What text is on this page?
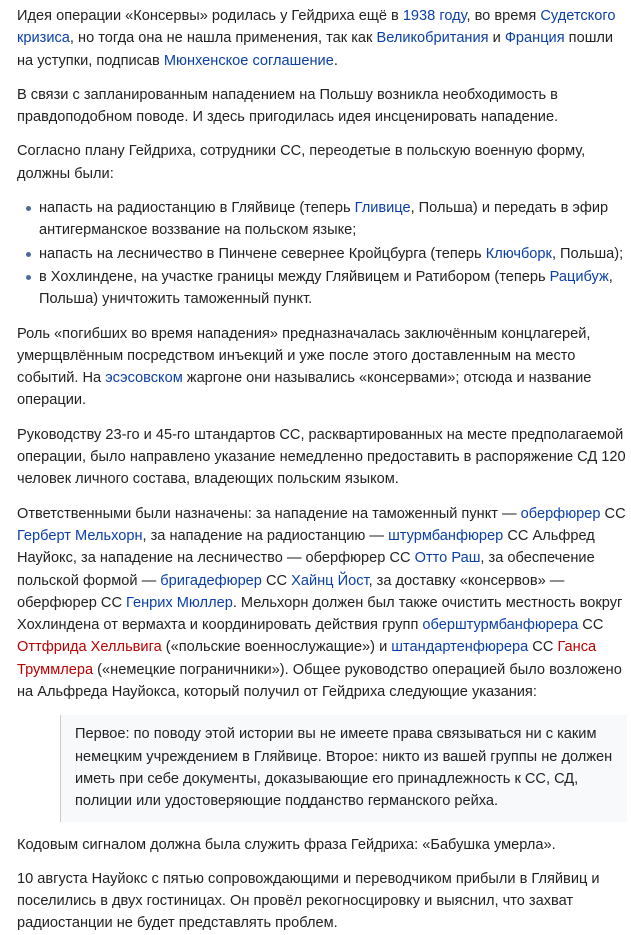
Идея операции «Консервы» родилась у Гейдриха ещё в 1938 году, во время Судетского кризиса, но тогда она не нашла применения, так как Великобритания и Франция пошли на уступки, подписав Мюнхенское соглашение.

В связи с запланированным нападением на Польшу возникла необходимость в правдоподобном поводе. И здесь пригодилась идея инсценировать нападение.

Согласно плану Гейдриха, сотрудники СС, переодетые в польскую военную форму, должны были:

напасть на радиостанцию в Гляйвице (теперь Гливице, Польша) и передать в эфир антигерманское воззвание на польском языке;
напасть на лесничество в Пинчене севернее Кройцбурга (теперь Ключборк, Польша);
в Хохлиндене, на участке границы между Гляйвицем и Ратибором (теперь Рацибуж, Польша) уничтожить таможенный пункт.

Роль «погибших во время нападения» предназначалась заключённым концлагерей, умерщвлённым посредством инъекций и уже после этого доставленным на место событий. На эсэсовском жаргоне они назывались «консервами»; отсюда и название операции.

Руководству 23-го и 45-го штандартов СС, расквартированных на месте предполагаемой операции, было направлено указание немедленно предоставить в распоряжение СД 120 человек личного состава, владеющих польским языком.

Ответственными были назначены: за нападение на таможенный пункт — оберфюрер СС Герберт Мельхорн, за нападение на радиостанцию — штурмбанфюрер СС Альфред Науйокс, за нападение на лесничество — оберфюрер СС Отто Раш, за обеспечение польской формой — бригадефюрер СС Хайнц Йост, за доставку «консервов» — оберфюрер СС Генрих Мюллер. Мельхорн должен был также очистить местность вокруг Хохлиндена от вермахта и координировать действия групп оберштурмбанфюрера СС Оттфрида Хелльвига («польские военнослужащие») и штандартенфюрера СС Ганса Труммлера («немецкие пограничники»). Общее руководство операцией было возложено на Альфреда Науйокса, который получил от Гейдриха следующие указания:

Первое: по поводу этой истории вы не имеете права связываться ни с каким немецким учреждением в Гляйвице. Второе: никто из вашей группы не должен иметь при себе документы, доказывающие его принадлежность к СС, СД, полиции или удостоверяющие подданство германского рейха.

Кодовым сигналом должна была служить фраза Гейдриха: «Бабушка умерла».

10 августа Науйокс с пятью сопровождающими и переводчиком прибыли в Гляйвиц и поселились в двух гостиницах. Он провёл рекогносцировку и выяснил, что захват радиостанции не будет представлять проблем.
